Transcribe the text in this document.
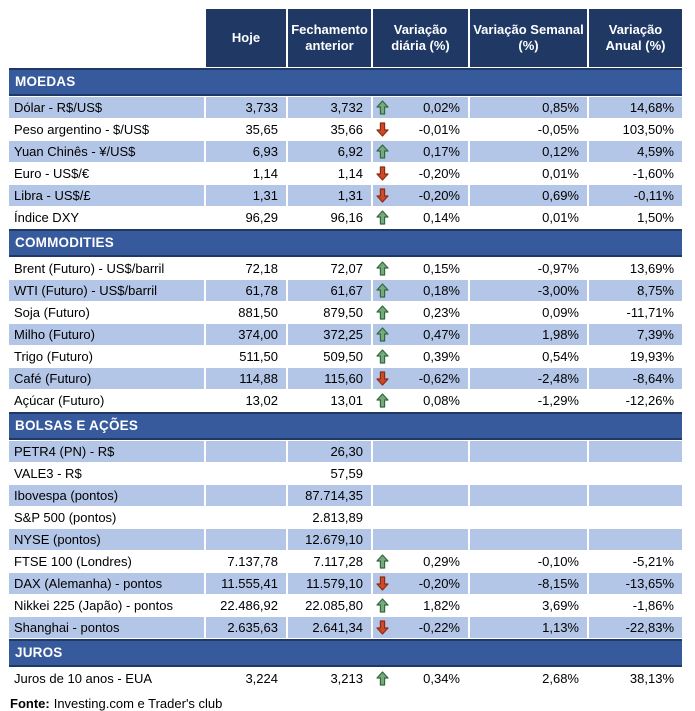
	Hoje	Fechamento anterior	Variação diária (%)	Variação Semanal (%)	Variação Anual (%)
MOEDAS					
Dólar - R$/US$	3,733	3,732	0,02%	0,85%	14,68%
Peso argentino - $/US$	35,65	35,66	-0,01%	-0,05%	103,50%
Yuan Chinês - ¥/US$	6,93	6,92	0,17%	0,12%	4,59%
Euro - US$/€	1,14	1,14	-0,20%	0,01%	-1,60%
Libra - US$/£	1,31	1,31	-0,20%	0,69%	-0,11%
Índice DXY	96,29	96,16	0,14%	0,01%	1,50%
COMMODITIES					
Brent (Futuro) - US$/barril	72,18	72,07	0,15%	-0,97%	13,69%
WTI (Futuro) - US$/barril	61,78	61,67	0,18%	-3,00%	8,75%
Soja (Futuro)	881,50	879,50	0,23%	0,09%	-11,71%
Milho (Futuro)	374,00	372,25	0,47%	1,98%	7,39%
Trigo (Futuro)	511,50	509,50	0,39%	0,54%	19,93%
Café (Futuro)	114,88	115,60	-0,62%	-2,48%	-8,64%
Açúcar (Futuro)	13,02	13,01	0,08%	-1,29%	-12,26%
BOLSAS E AÇÕES					
PETR4 (PN) - R$		26,30	

VALE3 - R$		57,59	

Ibovespa (pontos)		87.714,35	

S&P 500 (pontos)		2.813,89	

NYSE (pontos)		12.679,10	

FTSE 100 (Londres)	7.137,78	7.117,28	0,29%	-0,10%	-5,21%
DAX (Alemanha) - pontos	11.555,41	11.579,10	-0,20%	-8,15%	-13,65%
Nikkei 225 (Japão) - pontos	22.486,92	22.085,80	1,82%	3,69%	-1,86%
Shanghai - pontos	2.635,63	2.641,34	-0,22%	1,13%	-22,83%
JUROS					
Juros de 10 anos - EUA	3,224	3,213	0,34%	2,68%	38,13%
Fonte: Investing.com e Trader's club
